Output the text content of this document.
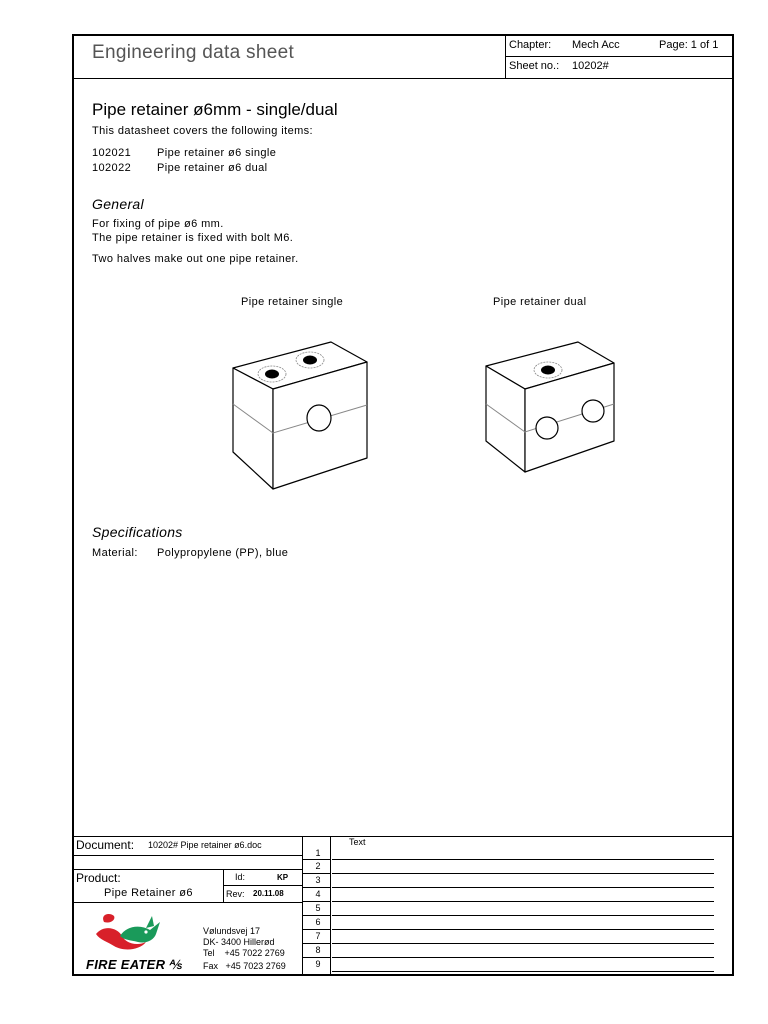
Engineering data sheet	Chapter: Mech Acc	Page: 1 of 1
Sheet no.: 10202#
Pipe retainer ø6mm - single/dual
This datasheet covers the following items:
102021 Pipe retainer ø6 single
102022 Pipe retainer ø6 dual
General
For fixing of pipe ø6 mm.
The pipe retainer is fixed with bolt M6.
Two halves make out one pipe retainer.
Pipe retainer single	Pipe retainer dual
Specifications
Material: Polypropylene (PP), blue
Document: 10202# Pipe retainer ø6.doc	Text
Product:
Pipe Retainer ø6
Id:	KP
Rev: 20.11.08
FIRE EATER ⅍
Vølundsvej 17
DK- 3400 Hillerød
Tel    +45 7022 2769
Fax   +45 7023 2769
1
2
3
4
5
6
7
8
9
